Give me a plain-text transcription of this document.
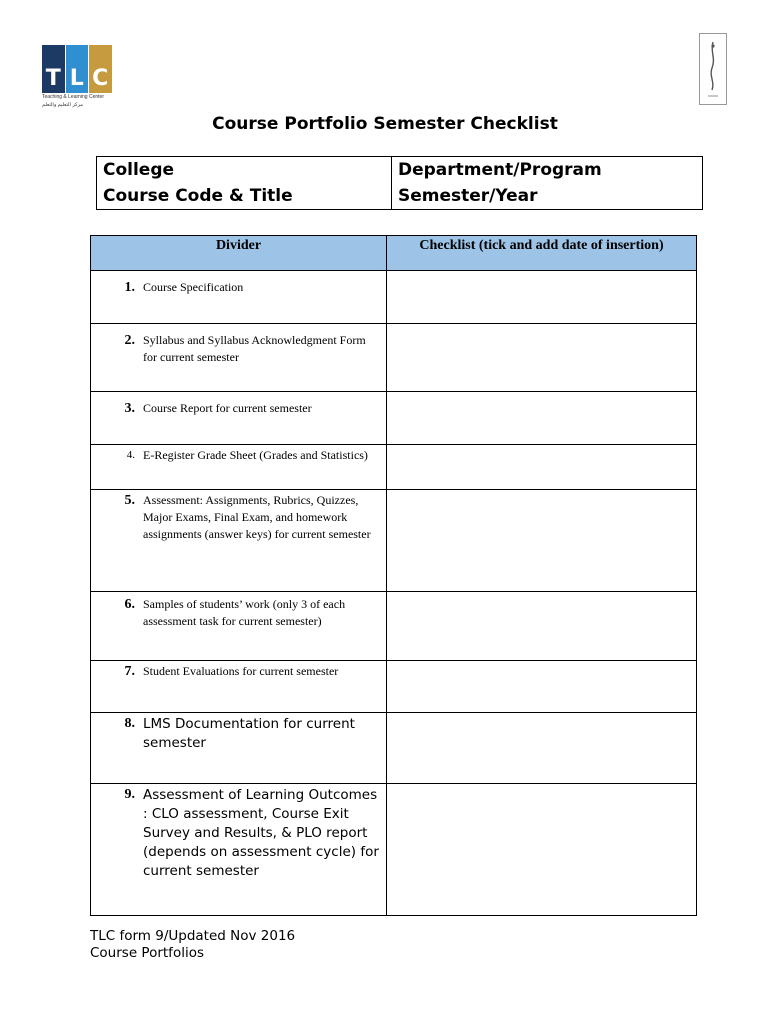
T L C
Teaching & Learning Center
مركز التعليم والتعلم
Course Portfolio Semester Checklist
College	Department/Program
Course Code & Title	Semester/Year
Divider	Checklist (tick and add date of insertion)

1. Course Specification	

2. Syllabus and Syllabus Acknowledgment Form for current semester	

3. Course Report for current semester	

4. E-Register Grade Sheet (Grades and Statistics)	

5. Assessment: Assignments, Rubrics, Quizzes, Major Exams, Final Exam, and homework assignments (answer keys) for current semester	

6. Samples of students’ work (only 3 of each assessment task for current semester)	

7. Student Evaluations for current semester	

8. LMS Documentation for current semester	

9. Assessment of Learning Outcomes : CLO assessment, Course Exit Survey and Results, & PLO report (depends on assessment cycle) for current semester	

TLC form 9/Updated Nov 2016
Course Portfolios
